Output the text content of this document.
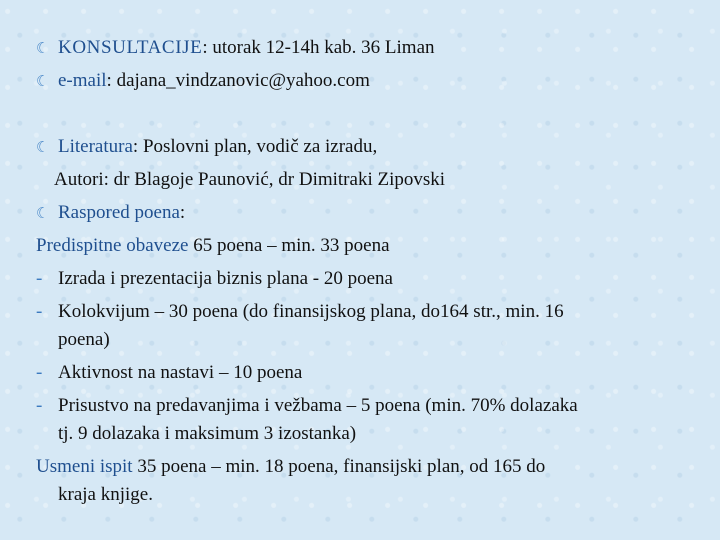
☾ KONSULTACIJE: utorak 12-14h kab. 36 Liman
☾ e-mail: dajana_vindzanovic@yahoo.com
☾ Literatura: Poslovni plan, vodič za izradu,
Autori: dr Blagoje Paunović, dr Dimitraki Zipovski
☾ Raspored poena:
Predispitne obaveze 65 poena – min. 33 poena
- Izrada i prezentacija biznis plana - 20 poena
- Kolokvijum – 30 poena (do finansijskog plana, do164 str., min. 16
poena)
- Aktivnost na nastavi – 10 poena
- Prisustvo na predavanjima i vežbama – 5 poena (min. 70% dolazaka
tj. 9 dolazaka i maksimum 3 izostanka)
Usmeni ispit 35 poena – min. 18 poena, finansijski plan, od 165 do
kraja knjige.
